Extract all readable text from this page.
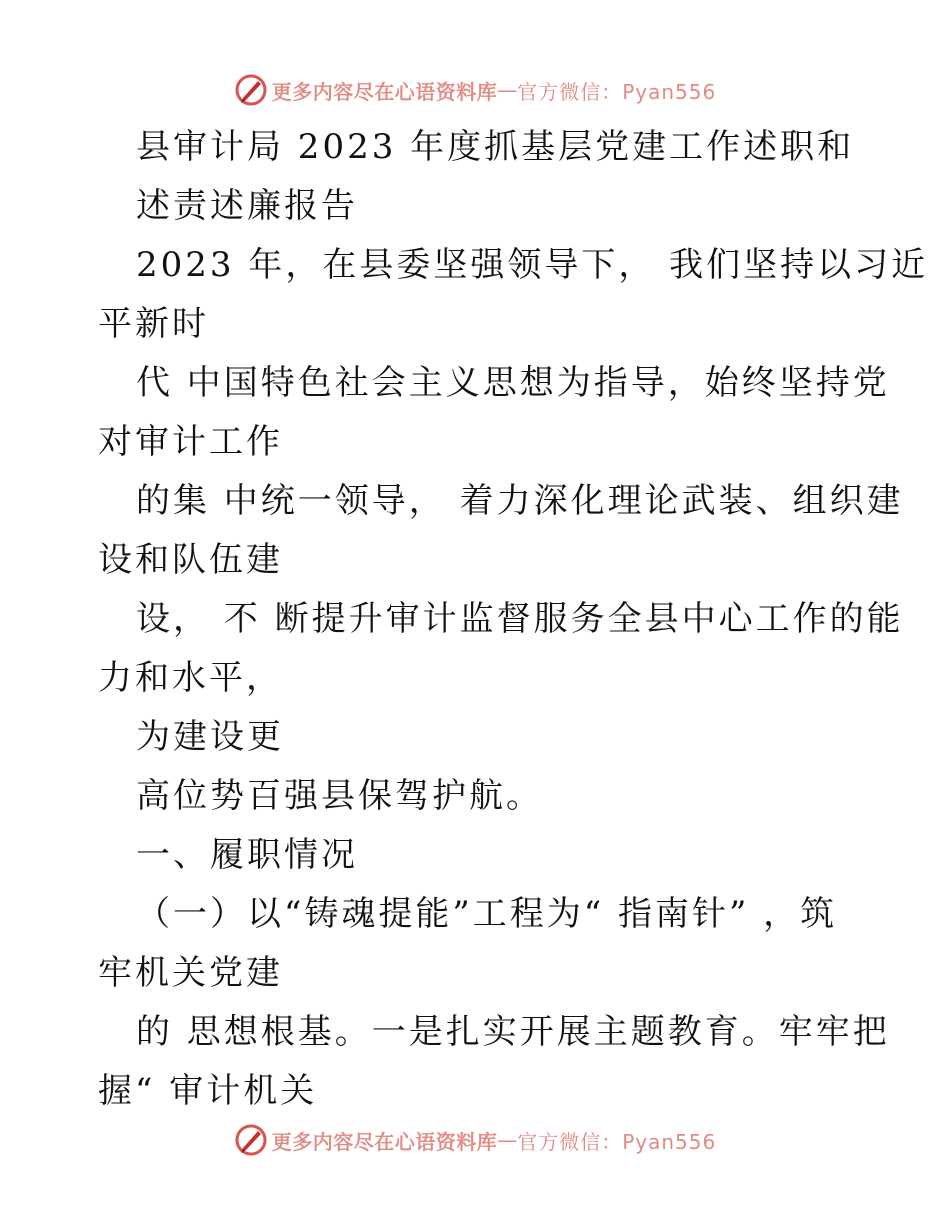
更多内容尽在心语资料库 — 官方微信：Pyan556
县审计局 2023 年度抓基层党建工作述职和
述责述廉报告
2023 年，在县委坚强领导下， 我们坚持以习近
平新时
代 中国特色社会主义思想为指导，始终坚持党
对审计工作
的集 中统一领导， 着力深化理论武装、组织建
设和队伍建
设， 不 断提升审计监督服务全县中心工作的能
力和水平，
为建设更
高位势百强县保驾护航。
一、履职情况
（一）以“铸魂提能”工程为“ 指南针” ，筑
牢机关党建
的 思想根基。一是扎实开展主题教育。牢牢把
握“ 审计机关
更多内容尽在心语资料库 — 官方微信：Pyan556
